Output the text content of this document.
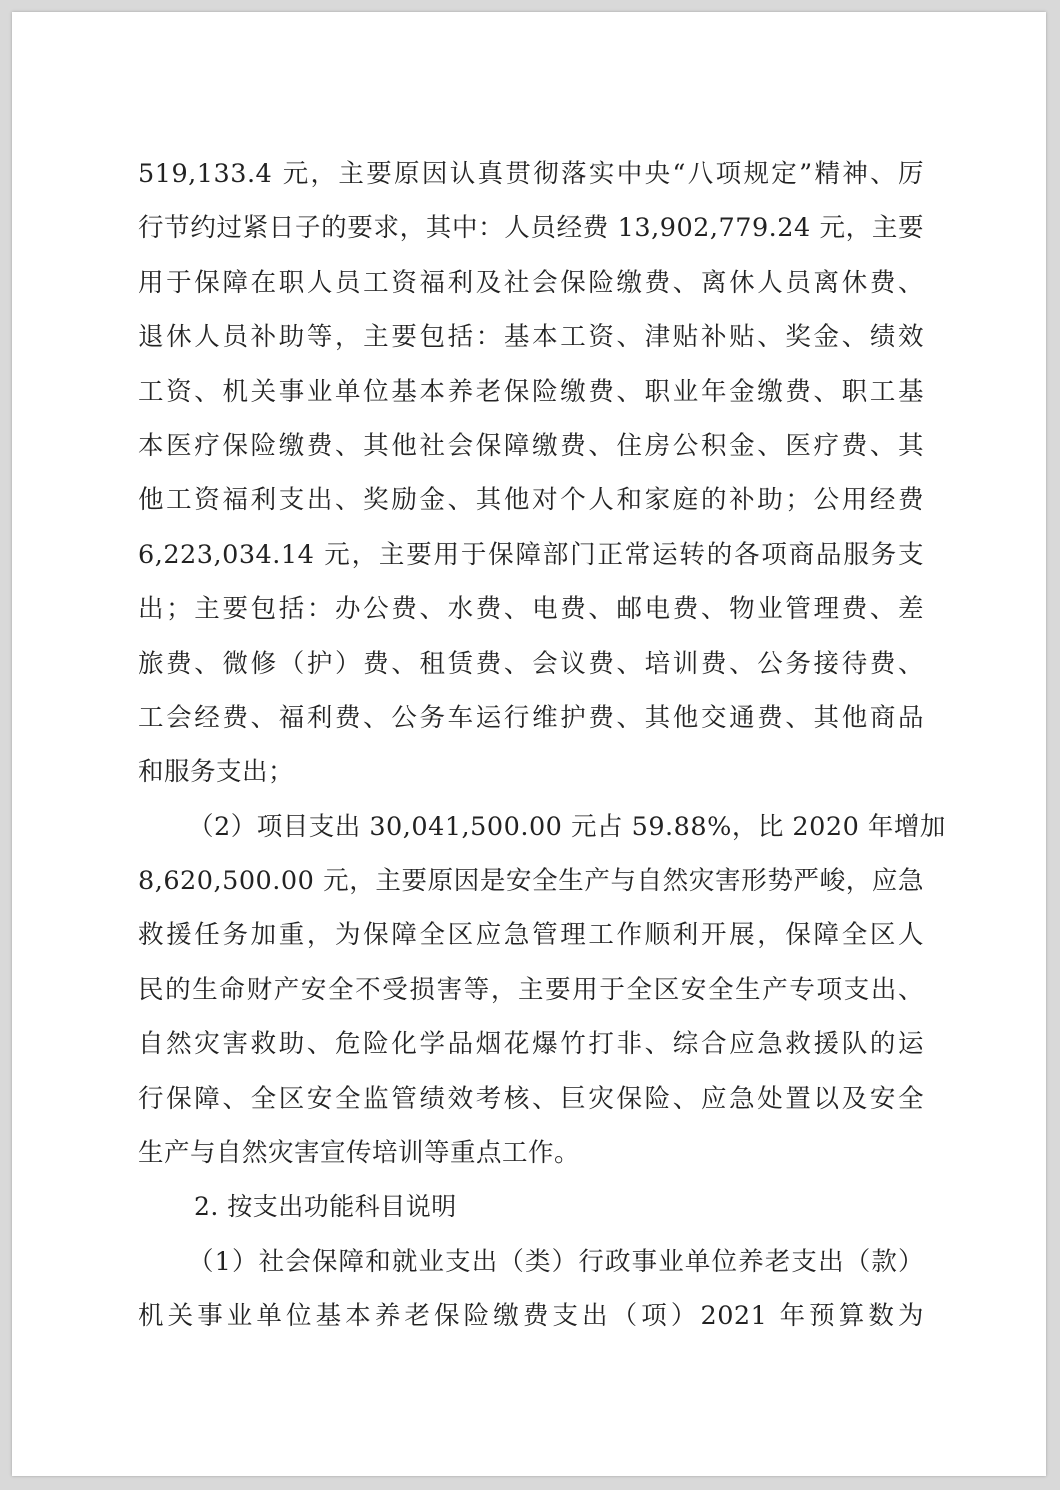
519,133.4 元，主要原因认真贯彻落实中央“八项规定”精神、厉
行节约过紧日子的要求，其中：人员经费 13,902,779.24 元，主要
用于保障在职人员工资福利及社会保险缴费、离休人员离休费、
退休人员补助等，主要包括：基本工资、津贴补贴、奖金、绩效
工资、机关事业单位基本养老保险缴费、职业年金缴费、职工基
本医疗保险缴费、其他社会保障缴费、住房公积金、医疗费、其
他工资福利支出、奖励金、其他对个人和家庭的补助；公用经费
6,223,034.14 元，主要用于保障部门正常运转的各项商品服务支
出；主要包括：办公费、水费、电费、邮电费、物业管理费、差
旅费、微修（护）费、租赁费、会议费、培训费、公务接待费、
工会经费、福利费、公务车运行维护费、其他交通费、其他商品
和服务支出；
（2）项目支出 30,041,500.00 元占 59.88%，比 2020 年增加
8,620,500.00 元，主要原因是安全生产与自然灾害形势严峻，应急
救援任务加重，为保障全区应急管理工作顺利开展，保障全区人
民的生命财产安全不受损害等，主要用于全区安全生产专项支出、
自然灾害救助、危险化学品烟花爆竹打非、综合应急救援队的运
行保障、全区安全监管绩效考核、巨灾保险、应急处置以及安全
生产与自然灾害宣传培训等重点工作。
2. 按支出功能科目说明
（1）社会保障和就业支出（类）行政事业单位养老支出（款）
机关事业单位基本养老保险缴费支出（项）2021 年预算数为
